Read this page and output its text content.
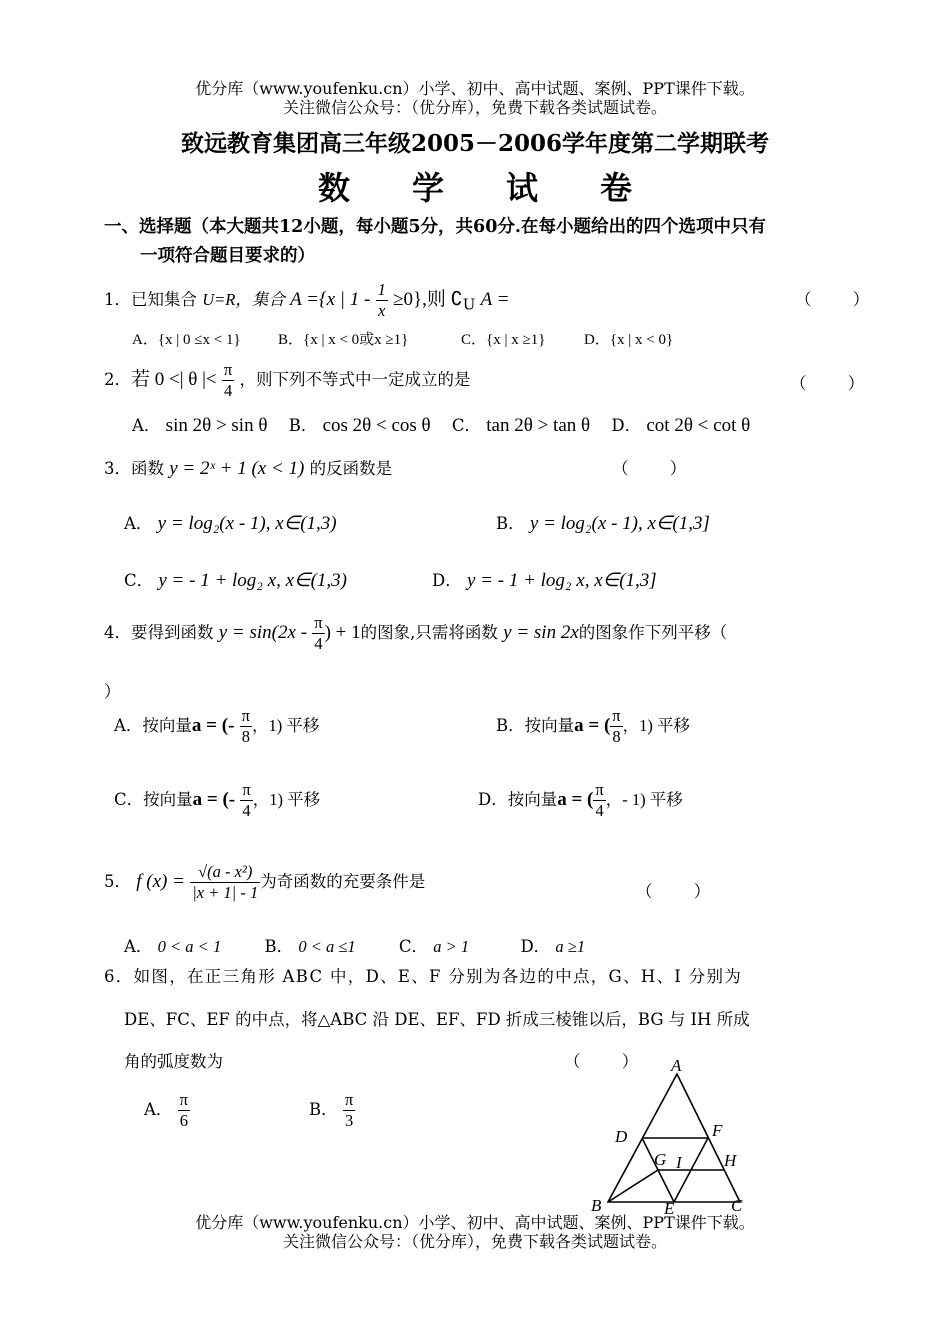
优分库（www.youfenku.cn）小学、初中、高中试题、案例、PPT课件下载。
关注微信公众号：（优分库），免费下载各类试题试卷。
致远教育集团高三年级2005－2006学年度第二学期联考
数学试卷
一、选择题（本大题共12小题，每小题5分，共60分.在每小题给出的四个选项中只有
一项符合题目要求的）
1．已知集合 U=R，集合 A ={x | $1 - \frac{1}{x} \ge 0$},则 $∁_U$ A =	（ ）
A．{x | 0 ≤x < 1} B．{x | x < 0或x ≥1}	C．{x | x ≥1}	D．{x | x < 0}
2．若 0 <| θ |< $\frac{\pi}{4}$ ，则下列不等式中一定成立的是	（ ）
A． sin 2θ > sin θ B． cos 2θ < cos θ C． tan 2θ > tan θ D． cot 2θ < cot θ
3．函数 y = 2ˣ + 1 (x < 1) 的反函数是	（ ）
A． y = log₂(x - 1), x∈(1,3)	B． y = log₂(x - 1), x∈(1,3]
C． y = - 1 + log₂ x, x∈(1,3)	D． y = - 1 + log₂ x, x∈(1,3]
4．要得到函数 $y = \sin(2x - \frac{\pi}{4}$ ) + 1的图象,只需将函数 y = sin 2x的图象作下列平移（
）
A．按向量a = (- $\frac{\pi}{8}$ ，1) 平移	B．按向量a = ( $\frac{\pi}{8}$ ，1) 平移
C．按向量a = (- $\frac{\pi}{4}$ ，1) 平移	D．按向量a = ( $\frac{\pi}{4}$ ，- 1) 平移
5． f $(x) = \frac{\text{√(a - x²)}}{|x + 1| - 1}$ 为奇函数的充要条件是
（ ）
A． 0 < a < 1	B． 0 < a ≤1	C． a > 1	D． a ≥1
6．如图，在正三角形 ABC 中，D、E、F 分别为各边的中点，G、H、I 分别为
DE、FC、EF 的中点，将△ABC 沿 DE、EF、FD 折成三棱锥以后，BG 与 IH 所成
角的弧度数为	（ ）
A． $\frac{\pi}{6}$	B． $\frac{\pi}{3}$
A
B	C
D
E
F
G	H
I
优分库（www.youfenku.cn）小学、初中、高中试题、案例、PPT课件下载。
关注微信公众号：（优分库），免费下载各类试题试卷。
